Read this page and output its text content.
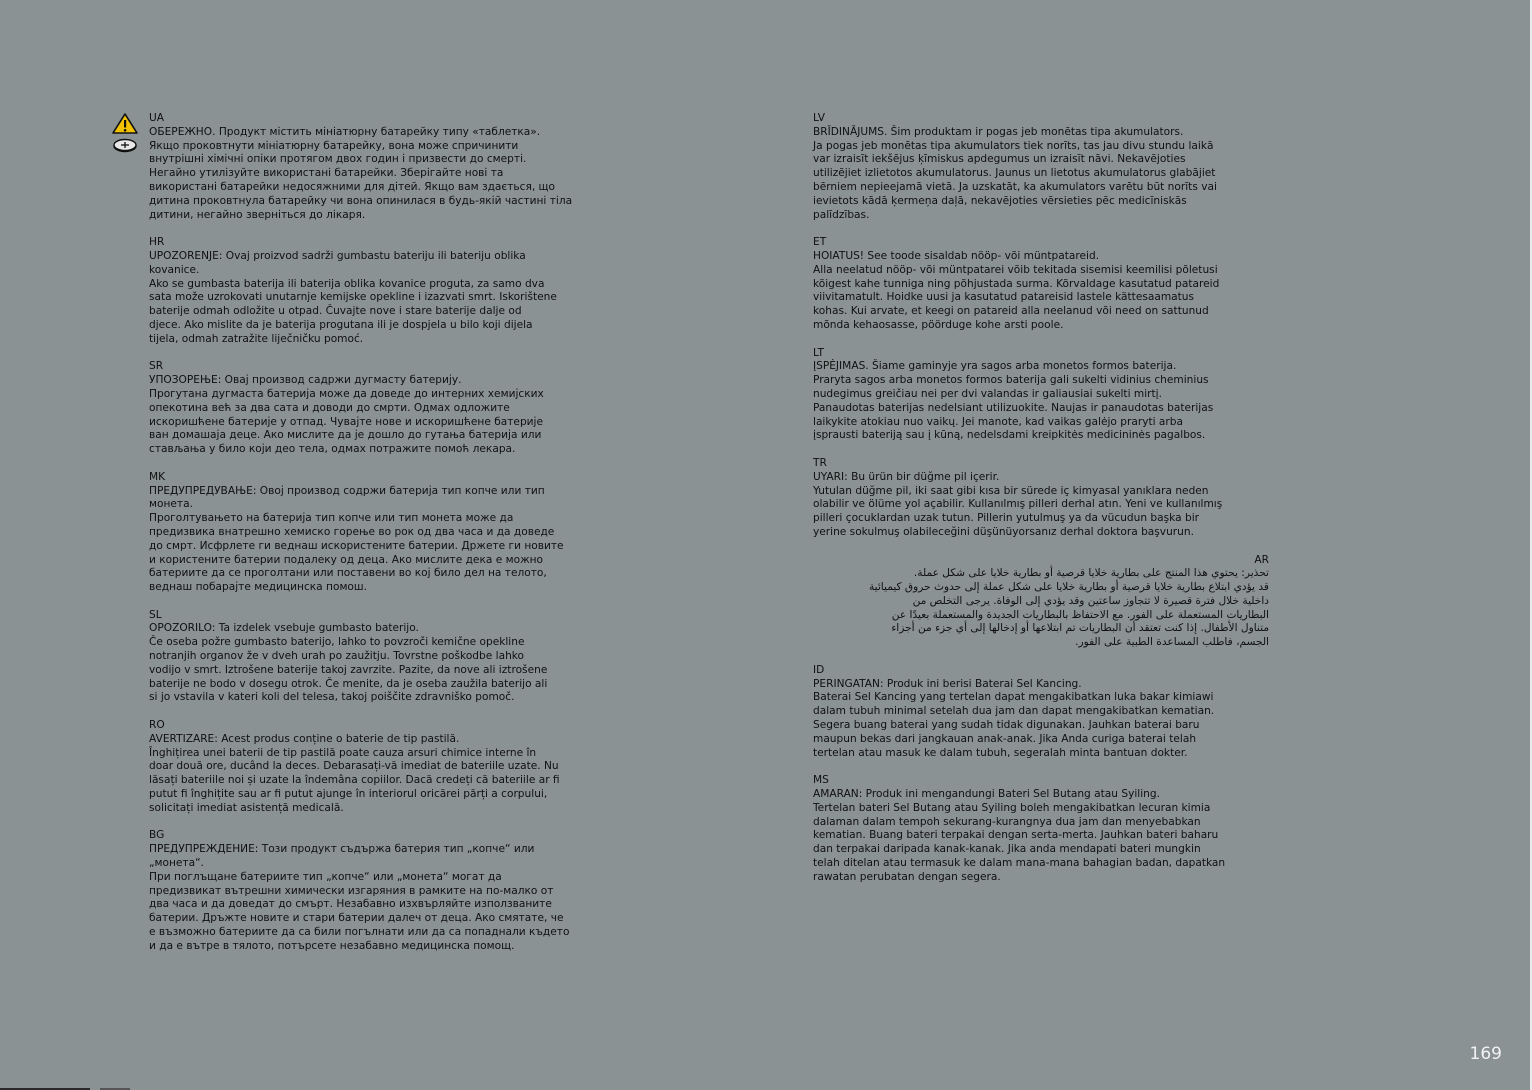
UA
ОБЕРЕЖНО. Продукт містить мініатюрну батарейку типу «таблетка».
Якщо проковтнути мініатюрну батарейку, вона може спричинити
внутрішні хімічні опіки протягом двох годин і призвести до смерті.
Негайно утилізуйте використані батарейки. Зберігайте нові та
використані батарейки недосяжними для дітей. Якщо вам здається, що
дитина проковтнула батарейку чи вона опинилася в будь-якій частині тіла
дитини, негайно зверніться до лікаря.
HR
UPOZORENJE: Ovaj proizvod sadrži gumbastu bateriju ili bateriju oblika
kovanice.
Ako se gumbasta baterija ili baterija oblika kovanice proguta, za samo dva
sata može uzrokovati unutarnje kemijske opekline i izazvati smrt. Iskorištene
baterije odmah odložite u otpad. Čuvajte nove i stare baterije dalje od
djece. Ako mislite da je baterija progutana ili je dospjela u bilo koji dijela
tijela, odmah zatražite liječničku pomoć.
SR
УПОЗОРЕЊЕ: Овај производ садржи дугмасту батерију.
Прогутана дугмаста батерија може да доведе до интерних хемијских
опекотина већ за два сата и доводи до смрти. Одмах одложите
искоришћене батерије у отпад. Чувајте нове и искоришћене батерије
ван домашаја деце. Ако мислите да је дошло до гутања батерија или
стављања у било који део тела, одмах потражите помоћ лекара.
MK
ПРЕДУПРЕДУВАЊЕ: Овој производ содржи батерија тип копче или тип
монета.
Проголтувањето на батерија тип копче или тип монета може да
предизвика внатрешно хемиско горење во рок од два часа и да доведе
до смрт. Исфрлете ги веднаш искористените батерии. Држете ги новите
и користените батерии подалеку од деца. Ако мислите дека е можно
батериите да се проголтани или поставени во кој било дел на телото,
веднаш побарајте медицинска помош.
SL
OPOZORILO: Ta izdelek vsebuje gumbasto baterijo.
Če oseba požre gumbasto baterijo, lahko to povzroči kemične opekline
notranjih organov že v dveh urah po zaužitju. Tovrstne poškodbe lahko
vodijo v smrt. Iztrošene baterije takoj zavrzite. Pazite, da nove ali iztrošene
baterije ne bodo v dosegu otrok. Če menite, da je oseba zaužila baterijo ali
si jo vstavila v kateri koli del telesa, takoj poiščite zdravniško pomoč.
RO
AVERTIZARE: Acest produs conține o baterie de tip pastilă.
Înghițirea unei baterii de tip pastilă poate cauza arsuri chimice interne în
doar două ore, ducând la deces. Debarasați-vă imediat de bateriile uzate. Nu
lăsați bateriile noi și uzate la îndemâna copiilor. Dacă credeți că bateriile ar fi
putut fi înghițite sau ar fi putut ajunge în interiorul oricărei părți a corpului,
solicitați imediat asistență medicală.
BG
ПРЕДУПРЕЖДЕНИЕ: Този продукт съдържа батерия тип „копче“ или
„монета“.
При поглъщане батериите тип „копче“ или „монета“ могат да
предизвикат вътрешни химически изгаряния в рамките на по-малко от
два часа и да доведат до смърт. Незабавно изхвърляйте използваните
батерии. Дръжте новите и стари батерии далеч от деца. Ако смятате, че
е възможно батериите да са били погълнати или да са попаднали където
и да е вътре в тялото, потърсете незабавно медицинска помощ.
LV
BRĪDINĀJUMS. Šim produktam ir pogas jeb monētas tipa akumulators.
Ja pogas jeb monētas tipa akumulators tiek norīts, tas jau divu stundu laikā
var izraisīt iekšējus ķīmiskus apdegumus un izraisīt nāvi. Nekavējoties
utilizējiet izlietotos akumulatorus. Jaunus un lietotus akumulatorus glabājiet
bērniem nepieejamā vietā. Ja uzskatāt, ka akumulators varētu būt norīts vai
ievietots kādā ķermeņa daļā, nekavējoties vērsieties pēc medicīniskās
palīdzības.
ET
HOIATUS! See toode sisaldab nööp- või müntpatareid.
Alla neelatud nööp- või müntpatarei võib tekitada sisemisi keemilisi põletusi
kõigest kahe tunniga ning põhjustada surma. Kõrvaldage kasutatud patareid
viivitamatult. Hoidke uusi ja kasutatud patareisid lastele kättesaamatus
kohas. Kui arvate, et keegi on patareid alla neelanud või need on sattunud
mõnda kehaosasse, pöörduge kohe arsti poole.
LT
ĮSPĖJIMAS. Šiame gaminyje yra sagos arba monetos formos baterija.
Praryta sagos arba monetos formos baterija gali sukelti vidinius cheminius
nudegimus greičiau nei per dvi valandas ir galiausiai sukelti mirtį.
Panaudotas baterijas nedelsiant utilizuokite. Naujas ir panaudotas baterijas
laikykite atokiau nuo vaikų. Jei manote, kad vaikas galėjo praryti arba
įsprausti bateriją sau į kūną, nedelsdami kreipkitės medicininės pagalbos.
TR
UYARI: Bu ürün bir düğme pil içerir.
Yutulan düğme pil, iki saat gibi kısa bir sürede iç kimyasal yanıklara neden
olabilir ve ölüme yol açabilir. Kullanılmış pilleri derhal atın. Yeni ve kullanılmış
pilleri çocuklardan uzak tutun. Pillerin yutulmuş ya da vücudun başka bir
yerine sokulmuş olabileceğini düşünüyorsanız derhal doktora başvurun.
AR
تحذير: يحتوي هذا المنتج على بطارية خلايا قرصية أو بطارية خلايا على شكل عملة.
قد يؤدي ابتلاع بطارية خلايا قرصية أو بطارية خلايا على شكل عملة إلى حدوث حروق كيميائية
داخلية خلال فترة قصيرة لا تتجاوز ساعتين وقد يؤدي إلى الوفاة. يرجى التخلص من
البطاريات المستعملة على الفور. مع الاحتفاظ بالبطاريات الجديدة والمستعملة بعيدًا عن
متناول الأطفال. إذا كنت تعتقد أن البطاريات تم ابتلاعها أو إدخالها إلى أي جزء من أجزاء
الجسم، فاطلب المساعدة الطبية على الفور.
ID
PERINGATAN: Produk ini berisi Baterai Sel Kancing.
Baterai Sel Kancing yang tertelan dapat mengakibatkan luka bakar kimiawi
dalam tubuh minimal setelah dua jam dan dapat mengakibatkan kematian.
Segera buang baterai yang sudah tidak digunakan. Jauhkan baterai baru
maupun bekas dari jangkauan anak-anak. Jika Anda curiga baterai telah
tertelan atau masuk ke dalam tubuh, segeralah minta bantuan dokter.
MS
AMARAN: Produk ini mengandungi Bateri Sel Butang atau Syiling.
Tertelan bateri Sel Butang atau Syiling boleh mengakibatkan lecuran kimia
dalaman dalam tempoh sekurang-kurangnya dua jam dan menyebabkan
kematian. Buang bateri terpakai dengan serta-merta. Jauhkan bateri baharu
dan terpakai daripada kanak-kanak. Jika anda mendapati bateri mungkin
telah ditelan atau termasuk ke dalam mana-mana bahagian badan, dapatkan
rawatan perubatan dengan segera.
169
